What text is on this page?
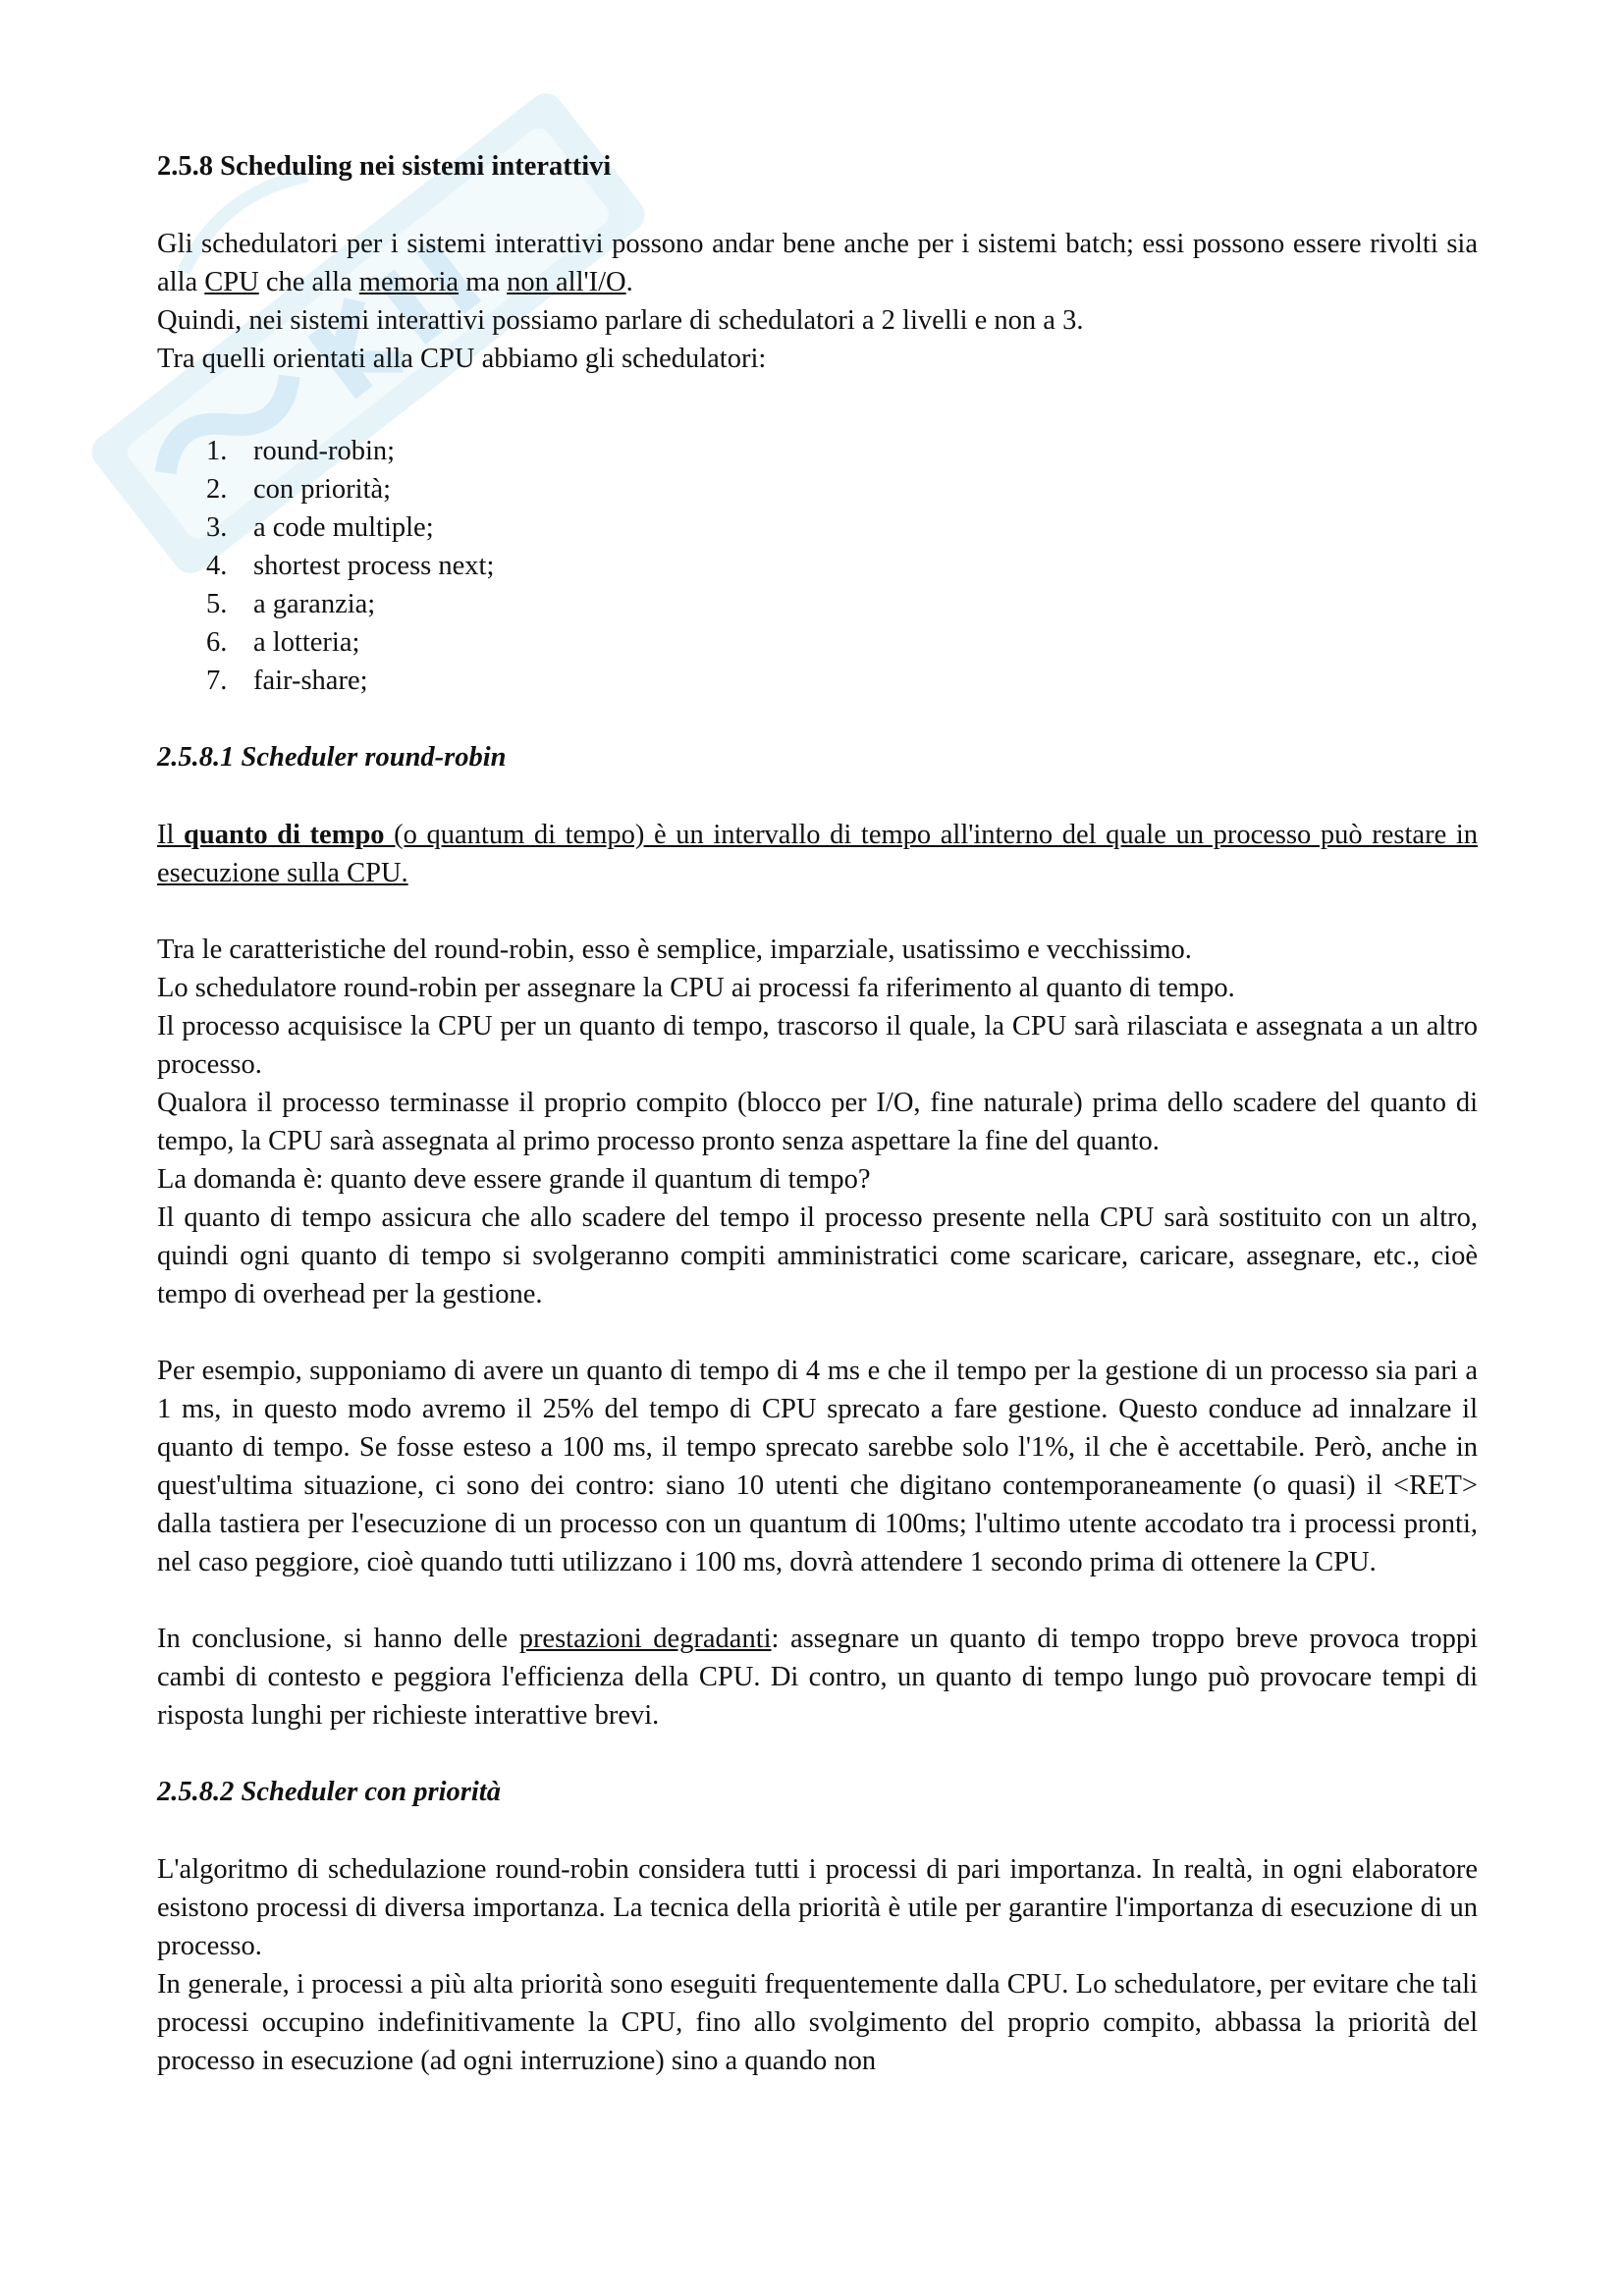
2.5.8 Scheduling nei sistemi interattivi

Gli schedulatori per i sistemi interattivi possono andar bene anche per i sistemi batch; essi possono essere rivolti sia alla CPU che alla memoria ma non all'I/O.
Quindi, nei sistemi interattivi possiamo parlare di schedulatori a 2 livelli e non a 3.
Tra quelli orientati alla CPU abbiamo gli schedulatori:

1. round-robin;
2. con priorità;
3. a code multiple;
4. shortest process next;
5. a garanzia;
6. a lotteria;
7. fair-share;
2.5.8.1 Scheduler round-robin

Il quanto di tempo (o quantum di tempo) è un intervallo di tempo all'interno del quale un processo può restare in esecuzione sulla CPU.

Tra le caratteristiche del round-robin, esso è semplice, imparziale, usatissimo e vecchissimo.
Lo schedulatore round-robin per assegnare la CPU ai processi fa riferimento al quanto di tempo.
Il processo acquisisce la CPU per un quanto di tempo, trascorso il quale, la CPU sarà rilasciata e assegnata a un altro processo.
Qualora il processo terminasse il proprio compito (blocco per I/O, fine naturale) prima dello scadere del quanto di tempo, la CPU sarà assegnata al primo processo pronto senza aspettare la fine del quanto.
La domanda è: quanto deve essere grande il quantum di tempo?
Il quanto di tempo assicura che allo scadere del tempo il processo presente nella CPU sarà sostituito con un altro, quindi ogni quanto di tempo si svolgeranno compiti amministratici come scaricare, caricare, assegnare, etc., cioè tempo di overhead per la gestione.

Per esempio, supponiamo di avere un quanto di tempo di 4 ms e che il tempo per la gestione di un processo sia pari a 1 ms, in questo modo avremo il 25% del tempo di CPU sprecato a fare gestione. Questo conduce ad innalzare il quanto di tempo. Se fosse esteso a 100 ms, il tempo sprecato sarebbe solo l'1%, il che è accettabile. Però, anche in quest'ultima situazione, ci sono dei contro: siano 10 utenti che digitano contemporaneamente (o quasi) il <RET> dalla tastiera per l'esecuzione di un processo con un quantum di 100ms; l'ultimo utente accodato tra i processi pronti, nel caso peggiore, cioè quando tutti utilizzano i 100 ms, dovrà attendere 1 secondo prima di ottenere la CPU.

In conclusione, si hanno delle prestazioni degradanti: assegnare un quanto di tempo troppo breve provoca troppi cambi di contesto e peggiora l'efficienza della CPU. Di contro, un quanto di tempo lungo può provocare tempi di risposta lunghi per richieste interattive brevi.

2.5.8.2 Scheduler con priorità

L'algoritmo di schedulazione round-robin considera tutti i processi di pari importanza. In realtà, in ogni elaboratore esistono processi di diversa importanza. La tecnica della priorità è utile per garantire l'importanza di esecuzione di un processo.
In generale, i processi a più alta priorità sono eseguiti frequentemente dalla CPU. Lo schedulatore, per evitare che tali processi occupino indefinitivamente la CPU, fino allo svolgimento del proprio compito, abbassa la priorità del processo in esecuzione (ad ogni interruzione) sino a quando non
